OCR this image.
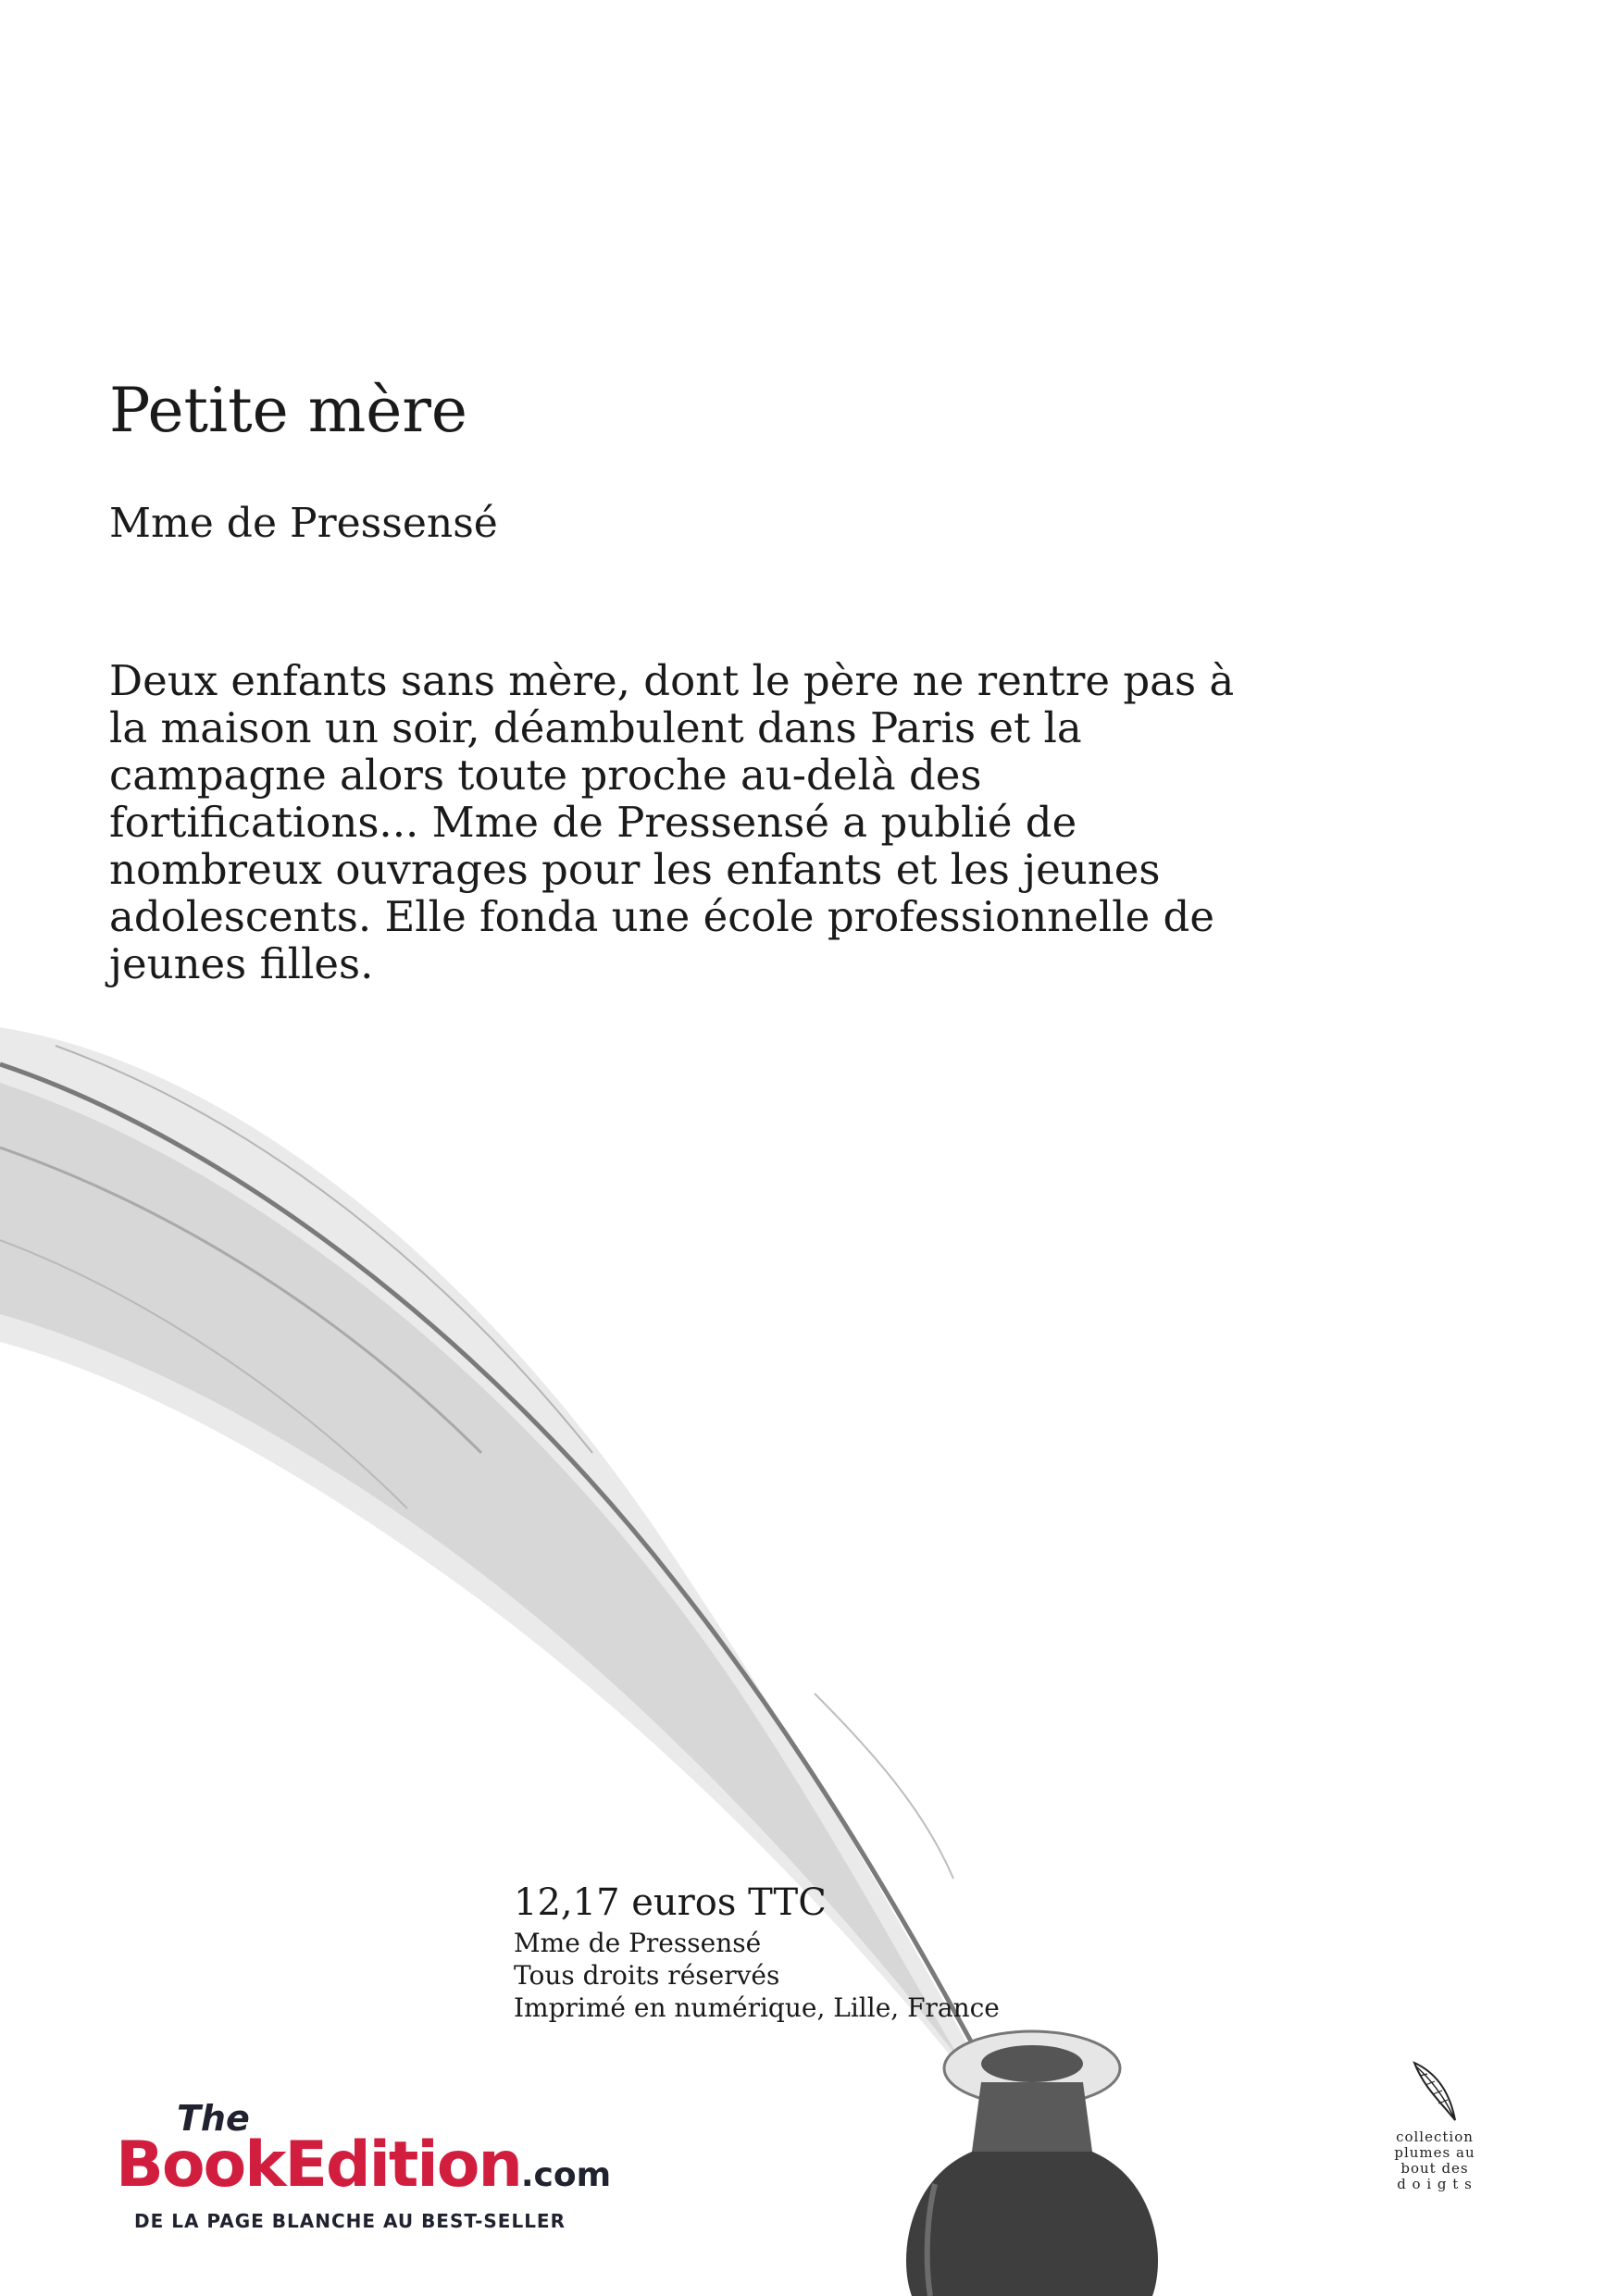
Petite mère
Mme de Pressensé

Deux enfants sans mère, dont le père ne rentre pas à la maison un soir, déambulent dans Paris et la campagne alors toute proche au-delà des fortifications... Mme de Pressensé a publié de nombreux ouvrages pour les enfants et les jeunes adolescents. Elle fonda une école professionnelle de jeunes filles.

12,17 euros TTC
Mme de Pressensé
Tous droits réservés
Imprimé en numérique, Lille, France
The
BookEdition.com
DE LA PAGE BLANCHE AU BEST-SELLER
collection
plumes au
bout des
d o i g t s
